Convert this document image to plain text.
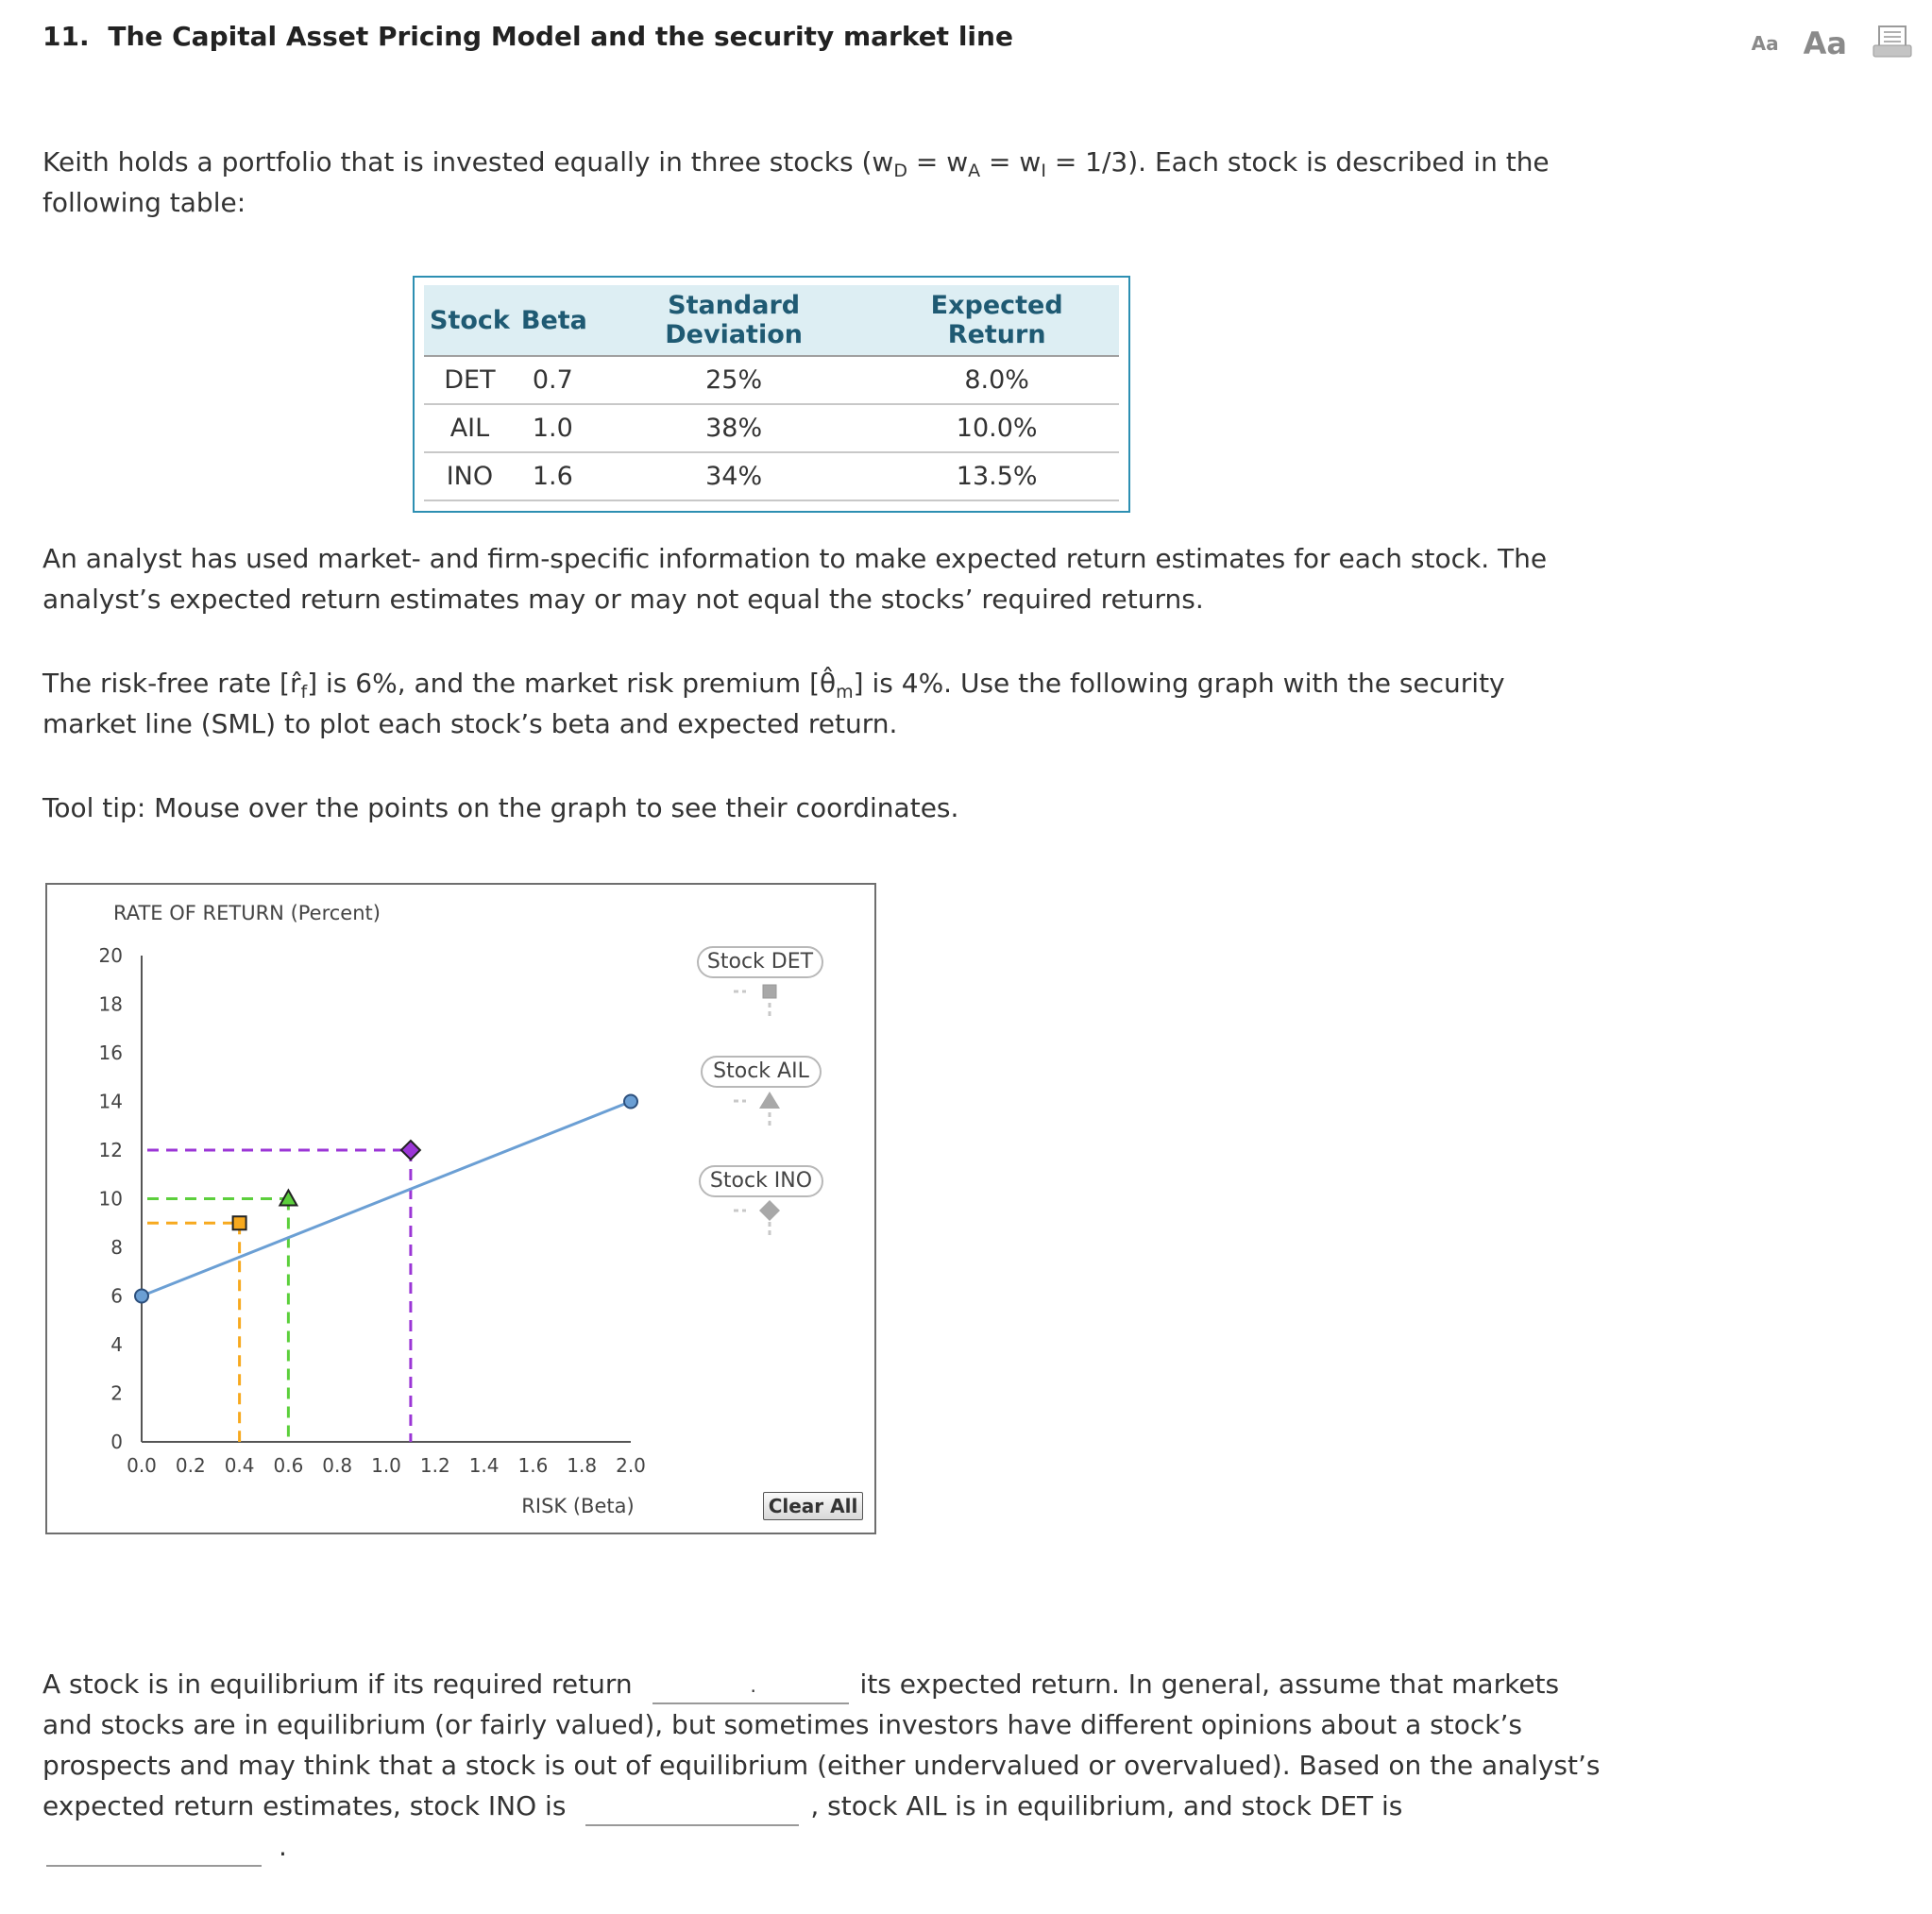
11. The Capital Asset Pricing Model and the security market line	Aa Aa

Keith holds a portfolio that is invested equally in three stocks $(w_D = w_A = w_I = 1/3)$. Each stock is described in the

following table:

Stock	Beta	Standard Deviation	Expected Return
DET	0.7	25%	8.0%
AIL	1.0	38%	10.0%
INO	1.6	34%	13.5%

An analyst has used market- and firm-specific information to make expected return estimates for each stock. The

analyst’s expected return estimates may or may not equal the stocks’ required returns.

The risk-free rate $[r̂_f]$ is 6%, and the market risk premium $[\thetâ_m]$ is 4%. Use the following graph with the security

market line (SML) to plot each stock’s beta and expected return.

Tool tip: Mouse over the points on the graph to see their coordinates.
RATE OF RETURN (Percent)
RISK (Beta)
0
2
4
6
8
10
12
14
16
18
20
0.0 0.2 0.4 0.6 0.8 1.0 1.2 1.4 1.6 1.8 2.0
Stock DET
Stock AIL
Stock INO
Clear All

A stock is in equilibrium if its required return	.	its expected return. In general, assume that markets

and stocks are in equilibrium (or fairly valued), but sometimes investors have different opinions about a stock’s

prospects and may think that a stock is out of equilibrium (either undervalued or overvalued). Based on the analyst’s

expected return estimates, stock INO is	, stock AIL is in equilibrium, and stock DET is

.
